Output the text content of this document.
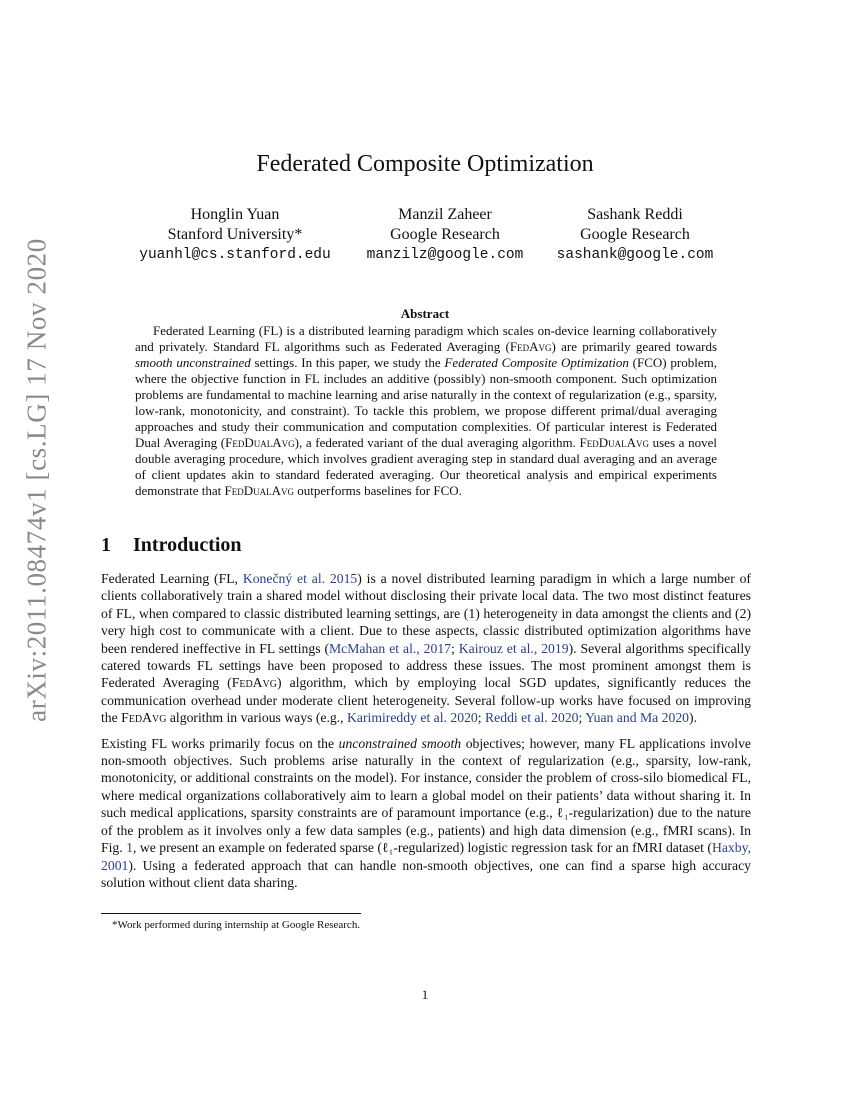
arXiv:2011.08474v1 [cs.LG] 17 Nov 2020
Federated Composite Optimization
Honglin Yuan
Stanford University*
yuanhl@cs.stanford.edu
Manzil Zaheer
Google Research
manzilz@google.com
Sashank Reddi
Google Research
sashank@google.com
Abstract

Federated Learning (FL) is a distributed learning paradigm which scales on-device learning collaboratively and privately. Standard FL algorithms such as Federated Averaging (FedAvg) are primarily geared towards smooth unconstrained settings. In this paper, we study the Federated Composite Optimization (FCO) problem, where the objective function in FL includes an additive (possibly) non-smooth component. Such optimization problems are fundamental to machine learning and arise naturally in the context of regularization (e.g., sparsity, low-rank, monotonicity, and constraint). To tackle this problem, we propose different primal/dual averaging approaches and study their communication and computation complexities. Of particular interest is Federated Dual Averaging (FedDualAvg), a federated variant of the dual averaging algorithm. FedDualAvg uses a novel double averaging procedure, which involves gradient averaging step in standard dual averaging and an average of client updates akin to standard federated averaging. Our theoretical analysis and empirical experiments demonstrate that FedDualAvg outperforms baselines for FCO.

1 Introduction

Federated Learning (FL, Konečný et al. 2015) is a novel distributed learning paradigm in which a large number of clients collaboratively train a shared model without disclosing their private local data. The two most distinct features of FL, when compared to classic distributed learning settings, are (1) heterogeneity in data amongst the clients and (2) very high cost to communicate with a client. Due to these aspects, classic distributed optimization algorithms have been rendered ineffective in FL settings (McMahan et al., 2017; Kairouz et al., 2019). Several algorithms specifically catered towards FL settings have been proposed to address these issues. The most prominent amongst them is Federated Averaging (FedAvg) algorithm, which by employing local SGD updates, significantly reduces the communication overhead under moderate client heterogeneity. Several follow-up works have focused on improving the FedAvg algorithm in various ways (e.g., Karimireddy et al. 2020; Reddi et al. 2020; Yuan and Ma 2020).

Existing FL works primarily focus on the unconstrained smooth objectives; however, many FL applications involve non-smooth objectives. Such problems arise naturally in the context of regularization (e.g., sparsity, low-rank, monotonicity, or additional constraints on the model). For instance, consider the problem of cross-silo biomedical FL, where medical organizations collaboratively aim to learn a global model on their patients’ data without sharing it. In such medical applications, sparsity constraints are of paramount importance (e.g., ℓ₁-regularization) due to the nature of the problem as it involves only a few data samples (e.g., patients) and high data dimension (e.g., fMRI scans). In Fig. 1, we present an example on federated sparse (ℓ₁-regularized) logistic regression task for an fMRI dataset (Haxby, 2001). Using a federated approach that can handle non-smooth objectives, one can find a sparse high accuracy solution without client data sharing.

*Work performed during internship at Google Research.
1
